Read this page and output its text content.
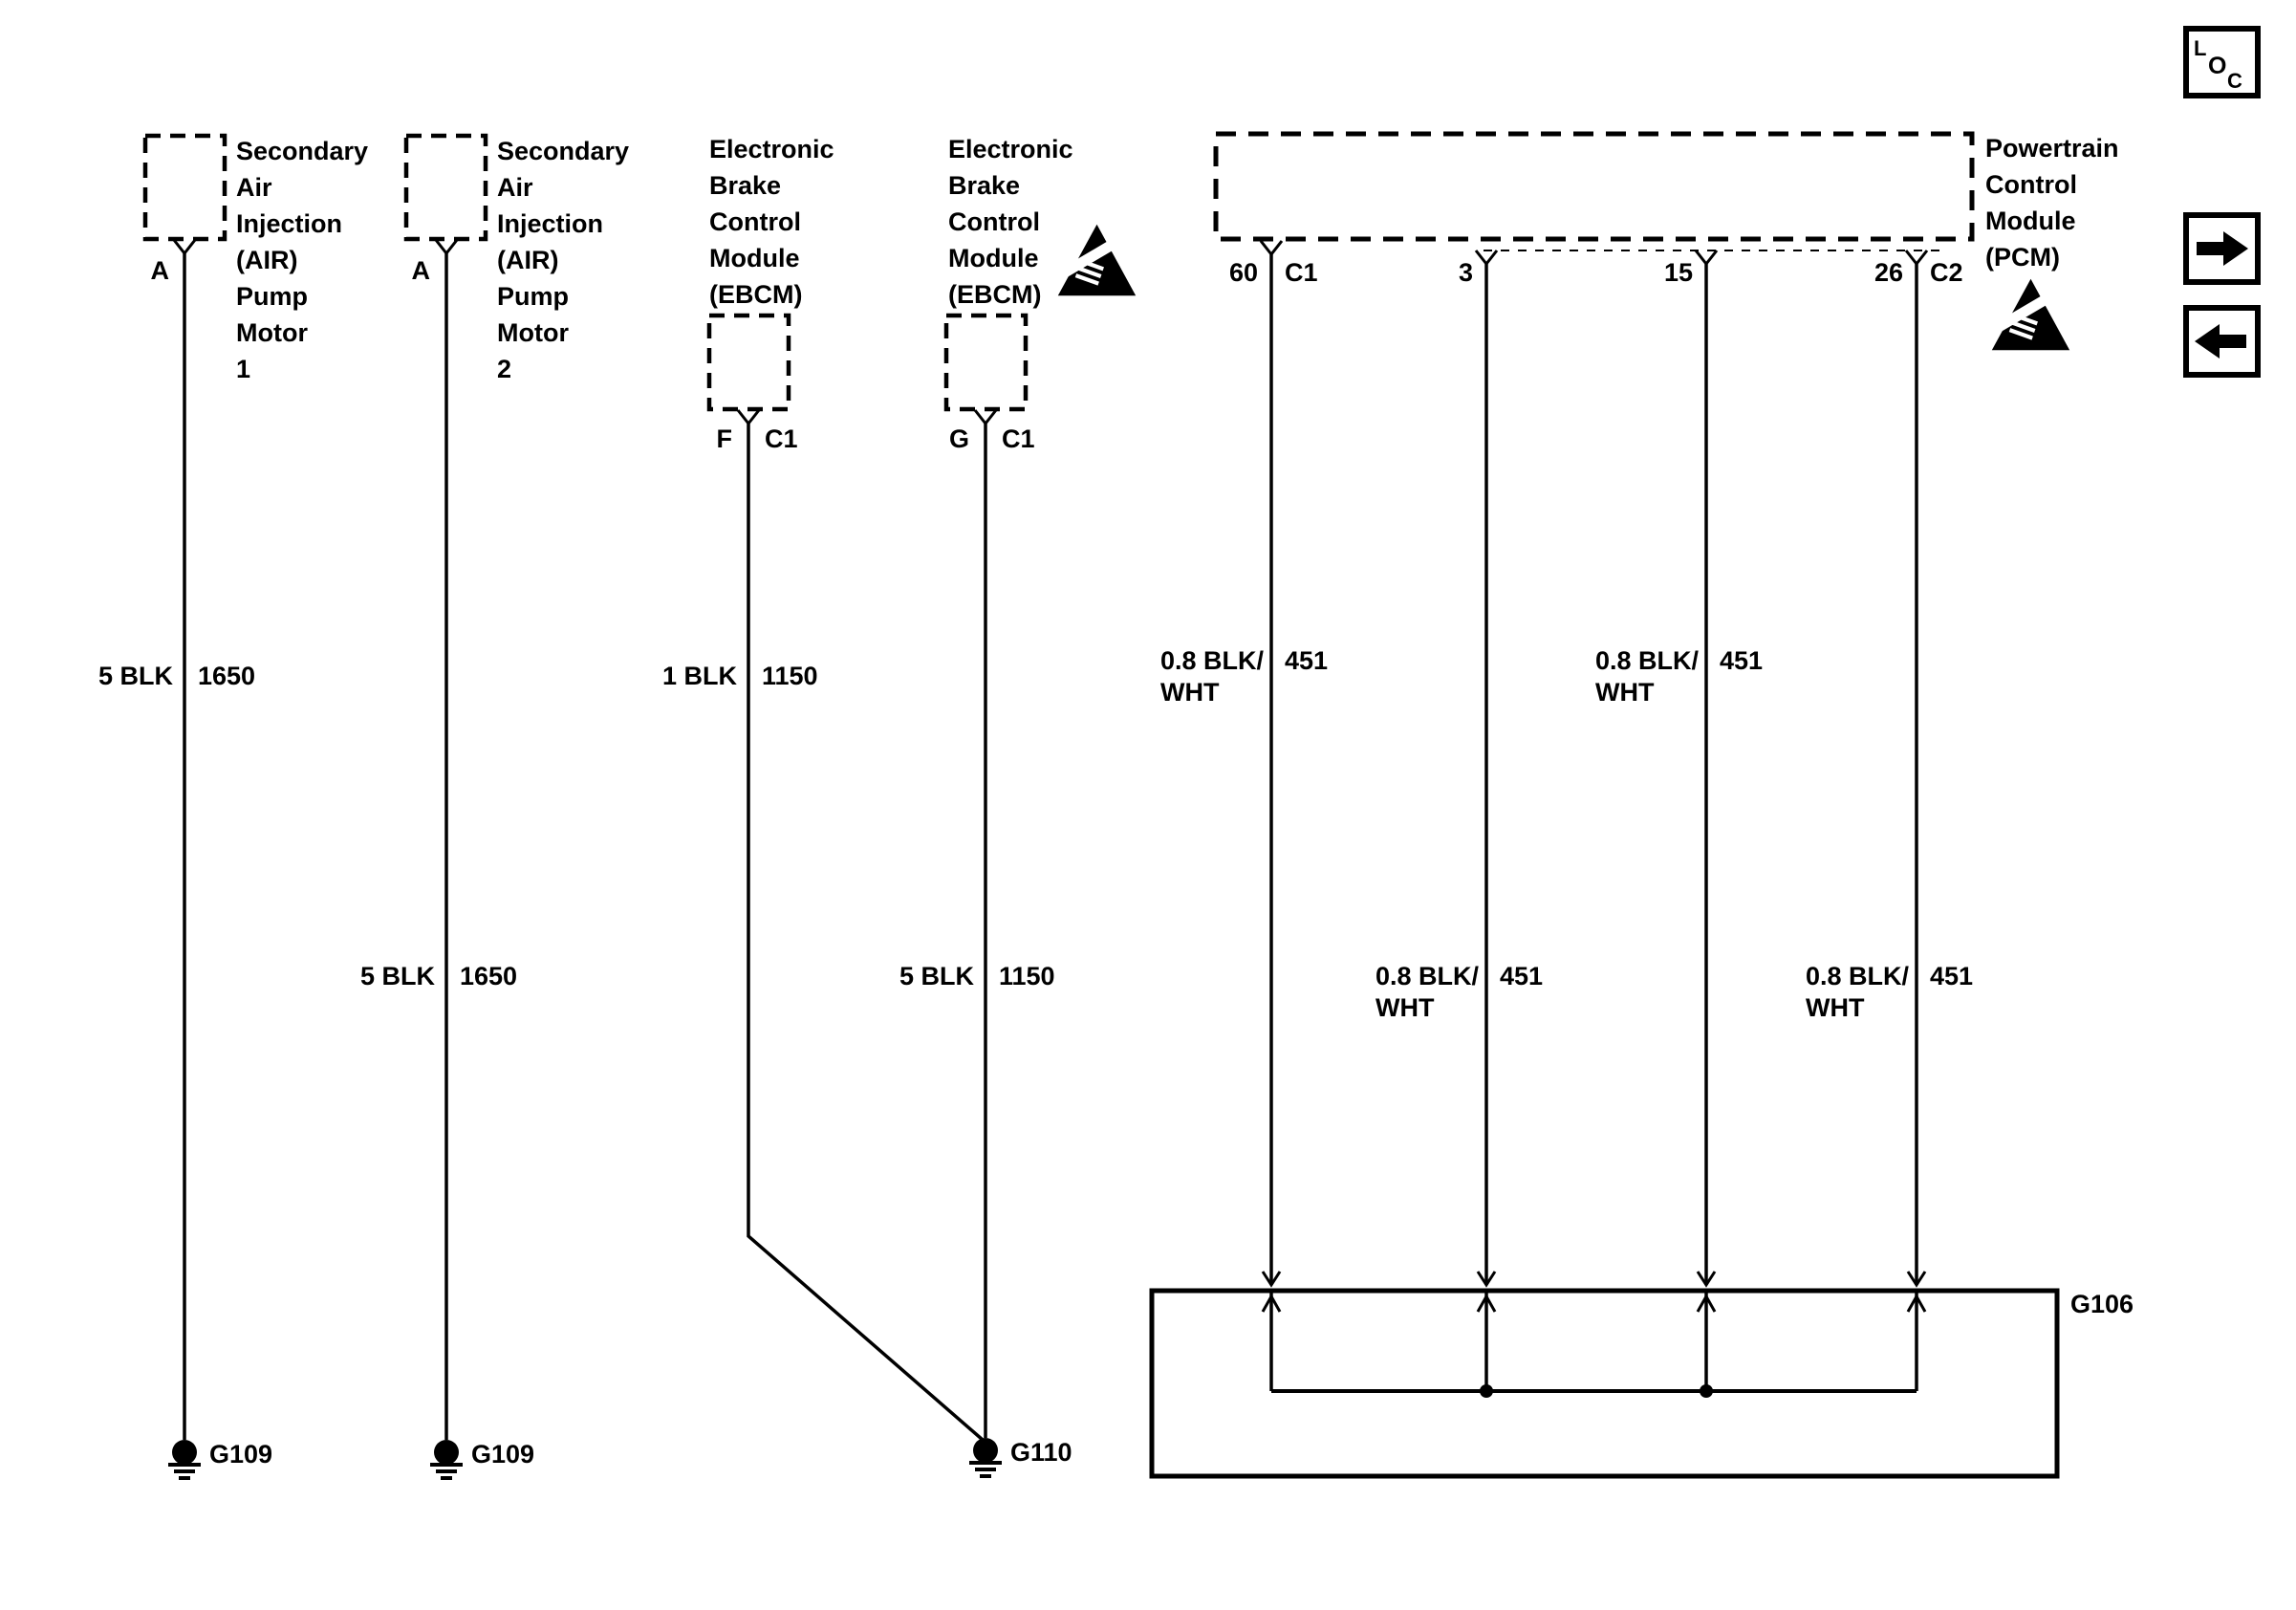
Secondary
Air
Injection
(AIR)
Pump
Motor
1
A
5 BLK 1650
G109
Secondary
Air
Injection
(AIR)
Pump
Motor
2
A
5 BLK 1650
G109
Electronic
Brake
Control
Module
(EBCM)
F C1
1 BLK 1150
Electronic
Brake
Control
Module
(EBCM)
G C1
5 BLK 1150
G110
Powertrain
Control
Module
(PCM)
60 C1
0.8 BLK/
WHT
451
3
0.8 BLK/
WHT
451
15
0.8 BLK/
WHT
451
26 C2
0.8 BLK/
WHT
451
G106
L
O
C
